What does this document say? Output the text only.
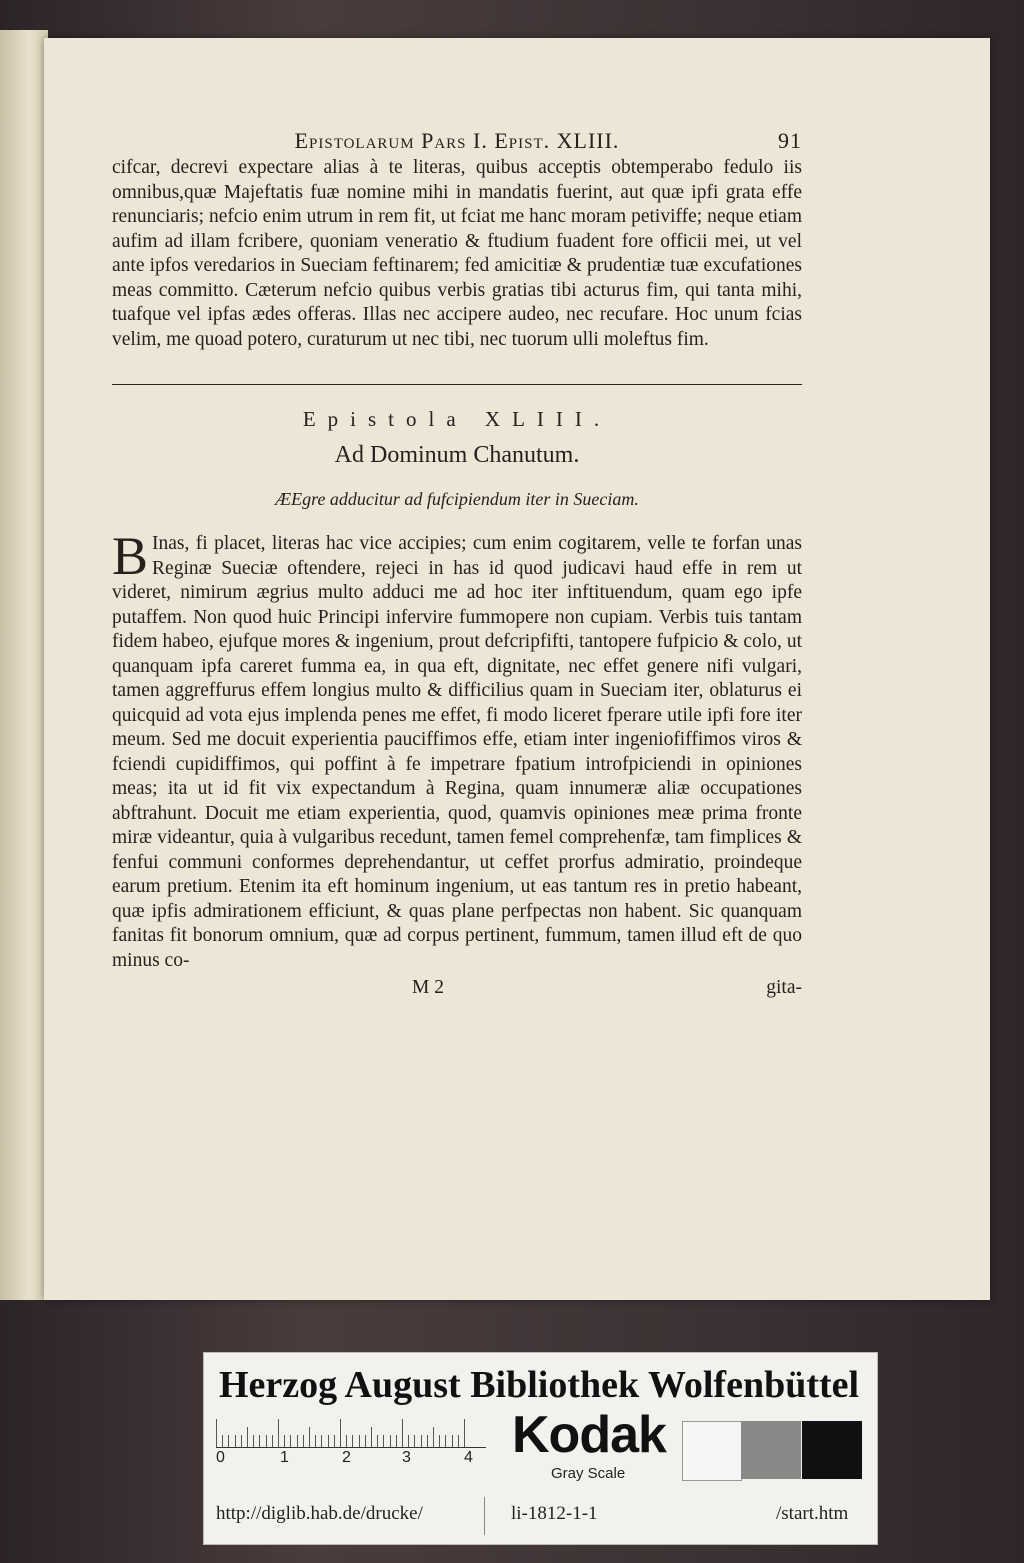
Epistolarum Pars I. Epist. XLIII.	91

cifcar, decrevi expectare alias à te literas, quibus acceptis obtemperabo fedulo iis omnibus,quæ Majeftatis fuæ nomine mihi in mandatis fuerint, aut quæ ipfi grata effe renunciaris; nefcio enim utrum in rem fit, ut fciat me hanc moram petiviffe; neque etiam aufim ad illam fcribere, quoniam veneratio & ftudium fuadent fore officii mei, ut vel ante ipfos veredarios in Sueciam feftinarem; fed amicitiæ & prudentiæ tuæ excufationes meas committo. Cæterum nefcio quibus verbis gratias tibi acturus fim, qui tanta mihi, tuafque vel ipfas ædes offeras. Illas nec accipere audeo, nec recufare. Hoc unum fcias velim, me quoad potero, curaturum ut nec tibi, nec tuorum ulli moleftus fim.

Epistola XLIII.
Ad Dominum Chanutum.
ÆEgre adducitur ad fufcipiendum iter in Sueciam.

B Inas, fi placet, literas hac vice accipies; cum enim cogitarem, velle te forfan unas Reginæ Sueciæ oftendere, rejeci in has id quod judicavi haud effe in rem ut videret, nimirum ægrius multo adduci me ad hoc iter inftituendum, quam ego ipfe putaffem. Non quod huic Principi infervire fummopere non cupiam. Verbis tuis tantam fidem habeo, ejufque mores & ingenium, prout defcripfifti, tantopere fufpicio & colo, ut quanquam ipfa careret fumma ea, in qua eft, dignitate, nec effet genere nifi vulgari, tamen aggreffurus effem longius multo & difficilius quam in Sueciam iter, oblaturus ei quicquid ad vota ejus implenda penes me effet, fi modo liceret fperare utile ipfi fore iter meum. Sed me docuit experientia pauciffimos effe, etiam inter ingeniofiffimos viros & fciendi cupidiffimos, qui poffint à fe impetrare fpatium introfpiciendi in opiniones meas; ita ut id fit vix expectandum à Regina, quam innumeræ aliæ occupationes abftrahunt. Docuit me etiam experientia, quod, quamvis opiniones meæ prima fronte miræ videantur, quia à vulgaribus recedunt, tamen femel comprehenfæ, tam fimplices & fenfui communi conformes deprehendantur, ut ceffet prorfus admiratio, proindeque earum pretium. Etenim ita eft hominum ingenium, ut eas tantum res in pretio habeant, quæ ipfis admirationem efficiunt, & quas plane perfpectas non habent. Sic quanquam fanitas fit bonorum omnium, quæ ad corpus pertinent, fummum, tamen illud eft de quo minus co-

M 2	gita-
Herzog August Bibliothek Wolfenbüttel
0	1	2	3	4 Kodak
Gray Scale
http://diglib.hab.de/drucke/	li-1812-1-1	/start.htm
